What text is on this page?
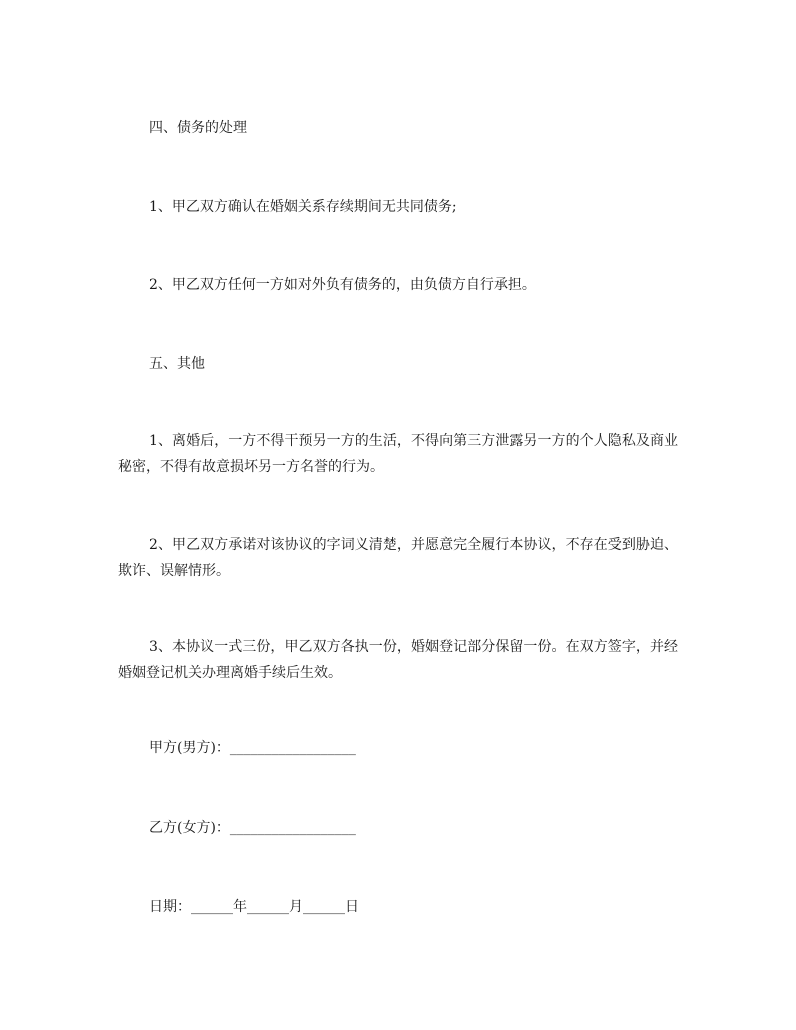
四、债务的处理
1、甲乙双方确认在婚姻关系存续期间无共同债务;
2、甲乙双方任何一方如对外负有债务的，由负债方自行承担。
五、其他
1、离婚后，一方不得干预另一方的生活，不得向第三方泄露另一方的个人隐私及商业秘密，不得有故意损坏另一方名誉的行为。
2、甲乙双方承诺对该协议的字词义清楚，并愿意完全履行本协议，不存在受到胁迫、欺诈、误解情形。
3、本协议一式三份，甲乙双方各执一份，婚姻登记部分保留一份。在双方签字，并经婚姻登记机关办理离婚手续后生效。
甲方(男方)：__________________
乙方(女方)：__________________
日期：______年______月______日
